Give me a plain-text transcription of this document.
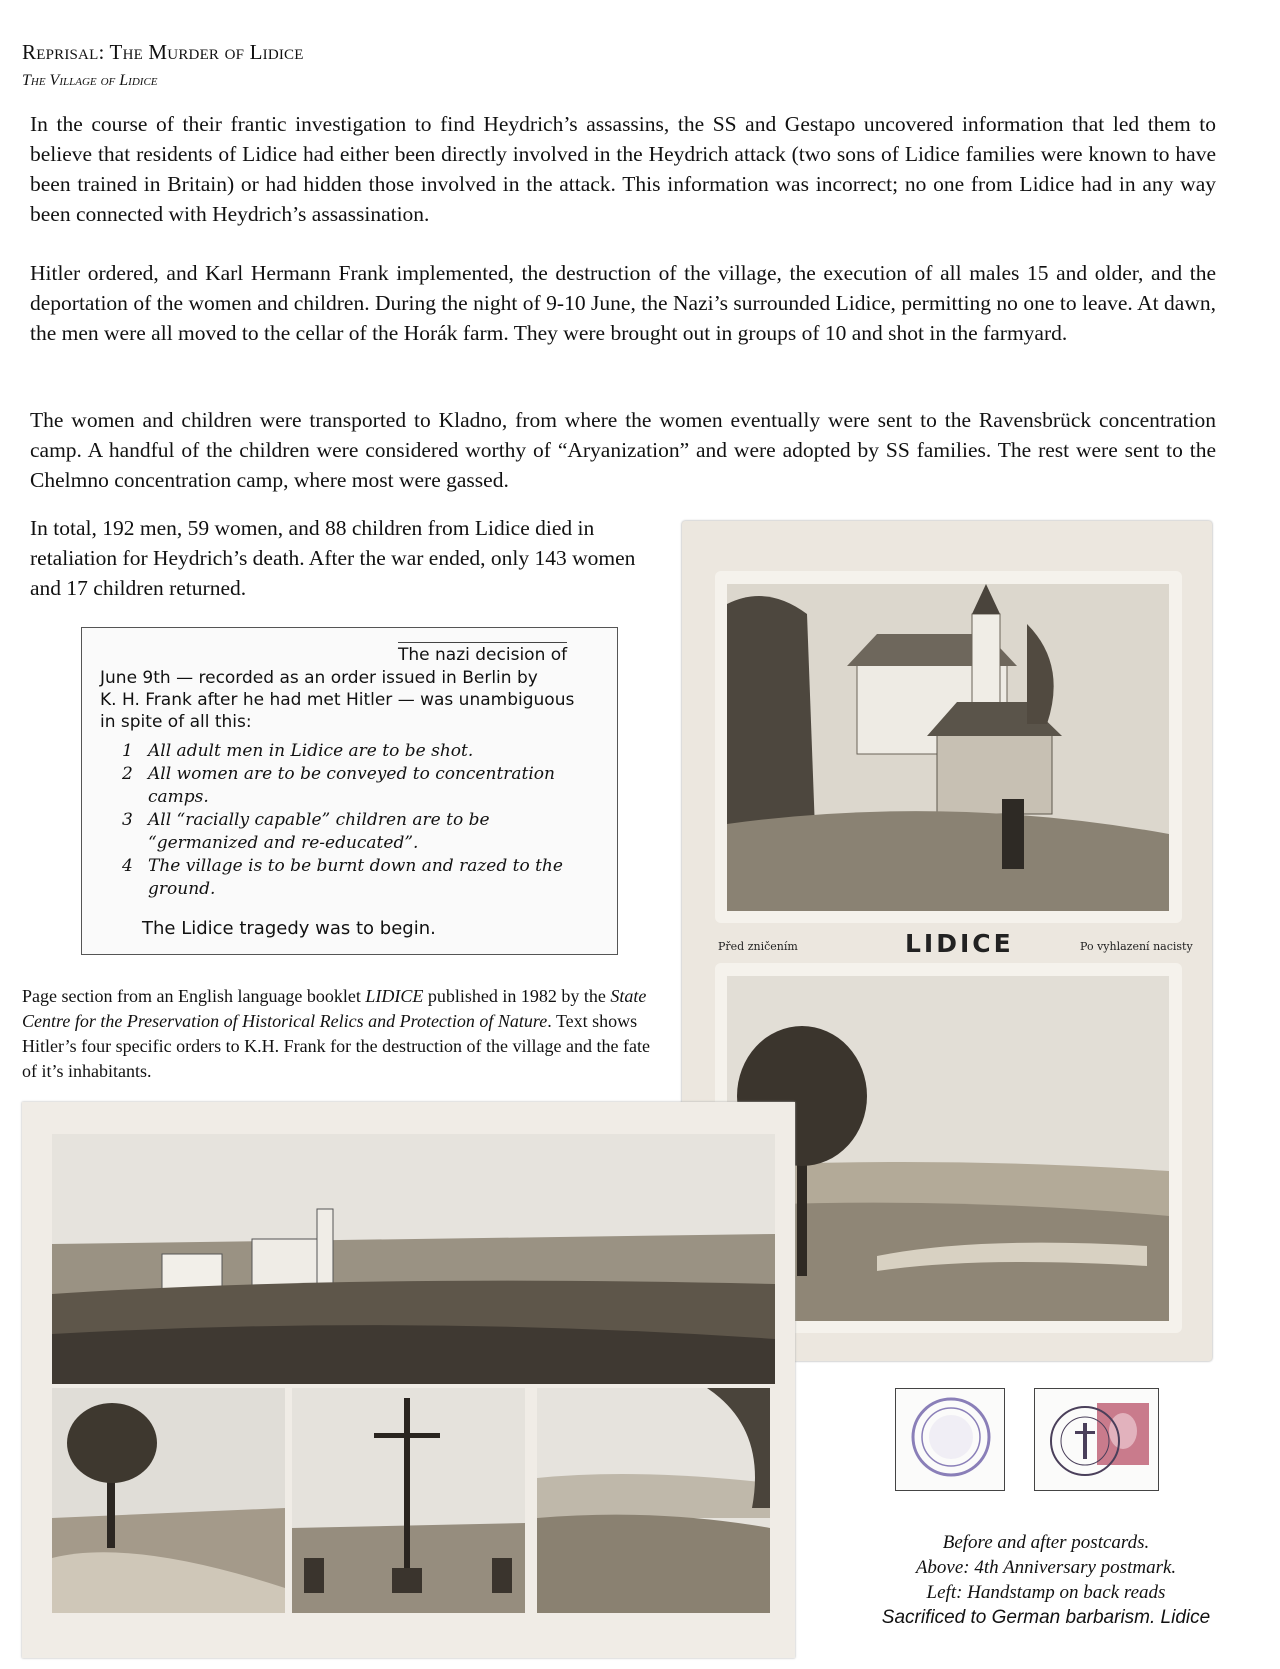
Reprisal: The Murder of Lidice
The Village of Lidice

In the course of their frantic investigation to find Heydrich’s assassins, the SS and Gestapo uncovered information that led them to believe that residents of Lidice had either been directly involved in the Heydrich attack (two sons of Lidice families were known to have been trained in Britain) or had hidden those involved in the attack. This information was incorrect; no one from Lidice had in any way been connected with Heydrich’s assassination.

Hitler ordered, and Karl Hermann Frank implemented, the destruction of the village, the execution of all males 15 and older, and the deportation of the women and children. During the night of 9-10 June, the Nazi’s surrounded Lidice, permitting no one to leave. At dawn, the men were all moved to the cellar of the Horák farm. They were brought out in groups of 10 and shot in the farmyard.

The women and children were transported to Kladno, from where the women eventually were sent to the Ravensbrück concentration camp. A handful of the children were considered worthy of “Aryanization” and were adopted by SS families. The rest were sent to the Chelmno concentration camp, where most were gassed.

In total, 192 men, 59 women, and 88 children from Lidice died in retaliation for Heydrich’s death. After the war ended, only 143 women and 17 children returned.

The nazi decision of
June 9th — recorded as an order issued in Berlin by
K. H. Frank after he had met Hitler — was unambiguous
in spite of all this:
1 All adult men in Lidice are to be shot.
2 All women are to be conveyed to concentration camps.
3 All “racially capable” children are to be “germanized and re-educated”.
4 The village is to be burnt down and razed to the ground.
The Lidice tragedy was to begin.

Page section from an English language booklet LIDICE published in 1982 by the State Centre for the Preservation of Historical Relics and Protection of Nature. Text shows Hitler’s four specific orders to K.H. Frank for the destruction of the village and the fate of it’s inhabitants.

Před zničením	LIDICE	Po vyhlazení nacisty
Before and after postcards.
Above: 4th Anniversary postmark.
Left: Handstamp on back reads
Sacrificed to German barbarism. Lidice
